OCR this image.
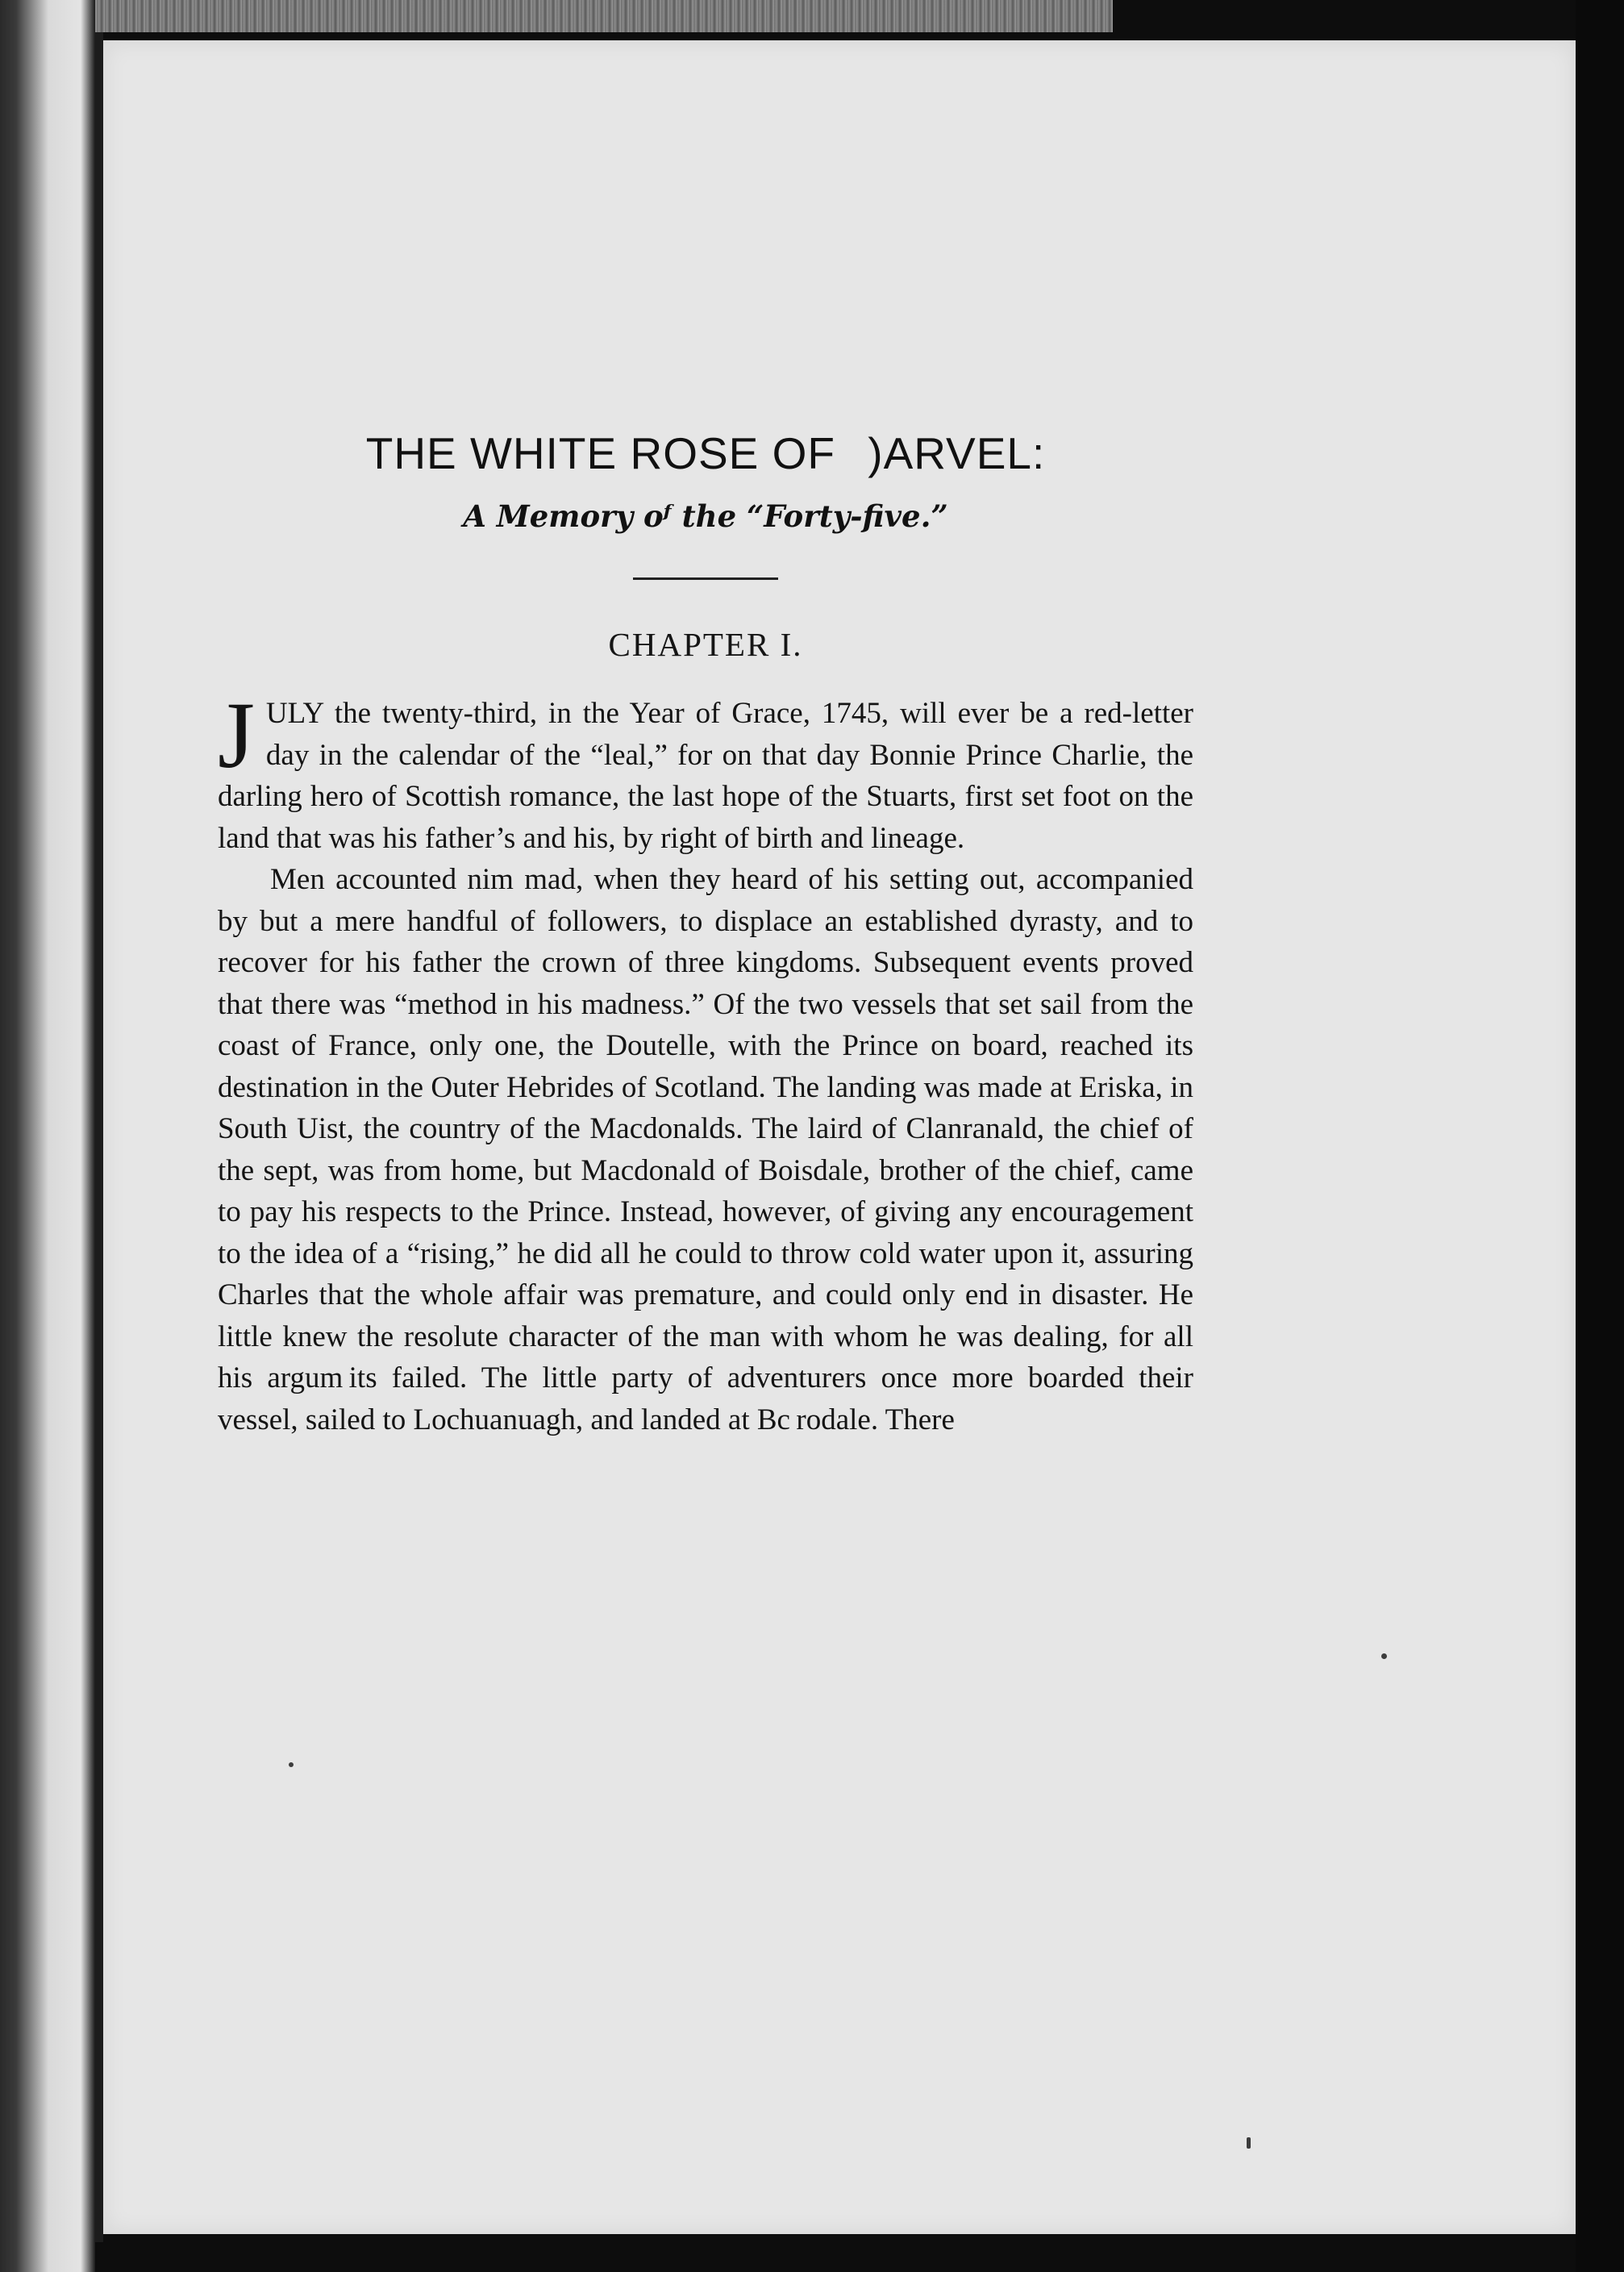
THE WHITE ROSE OF   )ARVEL:
A Memory oᶠ the “Forty-five.”
CHAPTER I.

JULY the twenty-third, in the Year of Grace, 1745, will ever be a red-letter day in the calendar of the “leal,” for on that day Bonnie Prince Charlie, the darling hero of Scottish romance, the last hope of the Stuarts, first set foot on the land that was his father’s and his, by right of birth and lineage.

Men accounted nim mad, when they heard of his setting out, accompanied by but a mere handful of followers, to displace an established dyrasty, and to recover for his father the crown of three kingdoms. Subsequent events proved that there was “method in his madness.” Of the two vessels that set sail from the coast of France, only one, the Doutelle, with the Prince on board, reached its destination in the Outer Hebrides of Scotland. The landing was made at Eriska, in South Uist, the country of the Macdonalds. The laird of Clanranald, the chief of the sept, was from home, but Macdonald of Boisdale, brother of the chief, came to pay his respects to the Prince. Instead, however, of giving any encouragement to the idea of a “rising,” he did all he could to throw cold water upon it, assuring Charles that the whole affair was premature, and could only end in disaster. He little knew the resolute character of the man with whom he was dealing, for all his argum its failed. The little party of adventurers once more boarded their vessel, sailed to Lochuanuagh, and landed at Bc rodale. There
